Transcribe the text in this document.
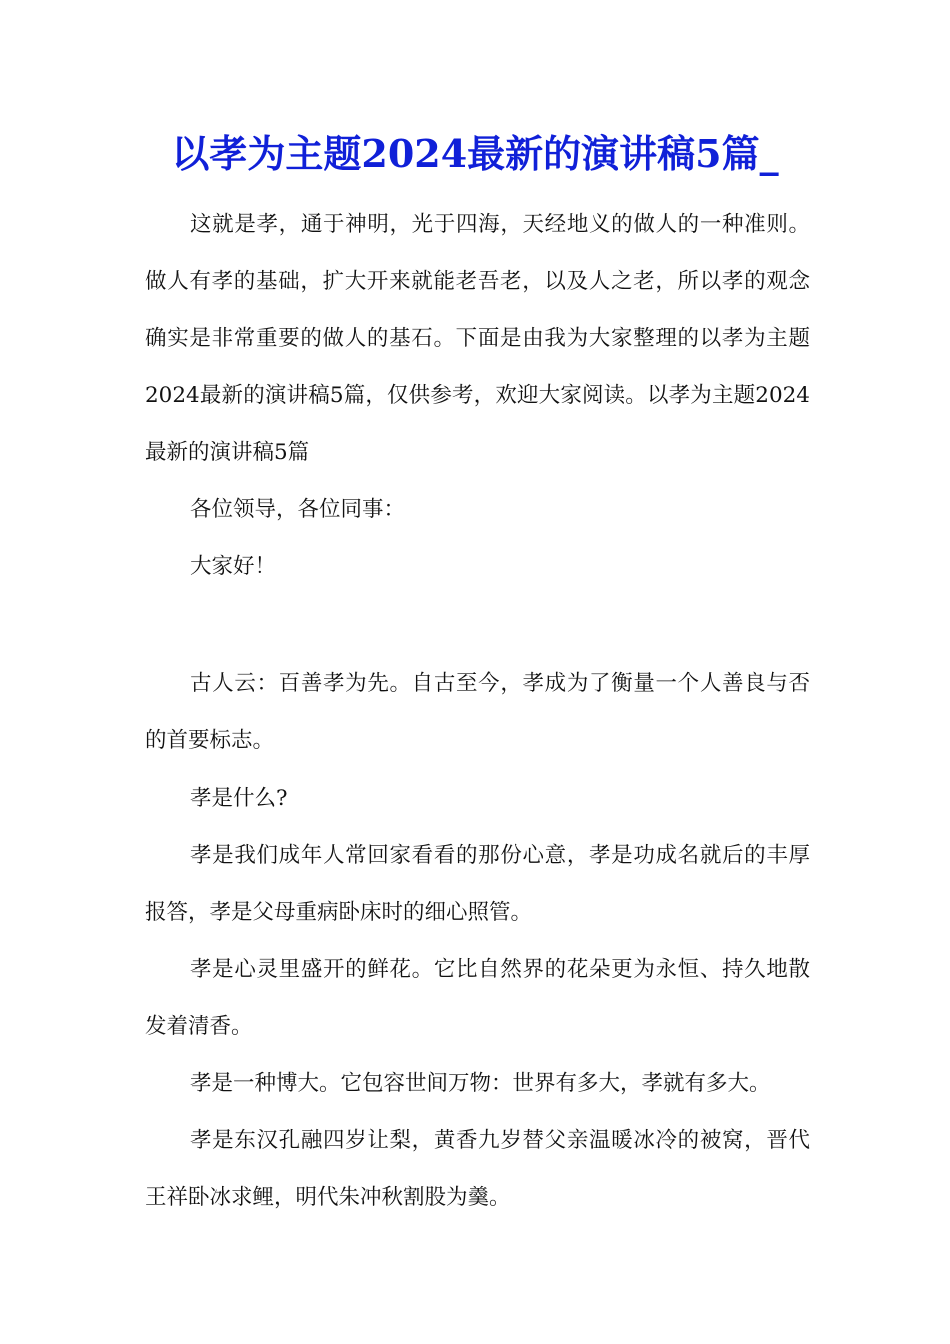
以孝为主题2024最新的演讲稿5篇_

这就是孝，通于神明，光于四海，天经地义的做人的一种准则。做人有孝的基础，扩大开来就能老吾老，以及人之老，所以孝的观念确实是非常重要的做人的基石。下面是由我为大家整理的以孝为主题2024最新的演讲稿5篇，仅供参考，欢迎大家阅读。以孝为主题2024最新的演讲稿5篇

各位领导，各位同事：

大家好！

古人云：百善孝为先。自古至今，孝成为了衡量一个人善良与否的首要标志。

孝是什么?

孝是我们成年人常回家看看的那份心意，孝是功成名就后的丰厚报答，孝是父母重病卧床时的细心照管。

孝是心灵里盛开的鲜花。它比自然界的花朵更为永恒、持久地散发着清香。

孝是一种博大。它包容世间万物：世界有多大，孝就有多大。

孝是东汉孔融四岁让梨，黄香九岁替父亲温暖冰冷的被窝，晋代王祥卧冰求鲤，明代朱冲秋割股为羹。
